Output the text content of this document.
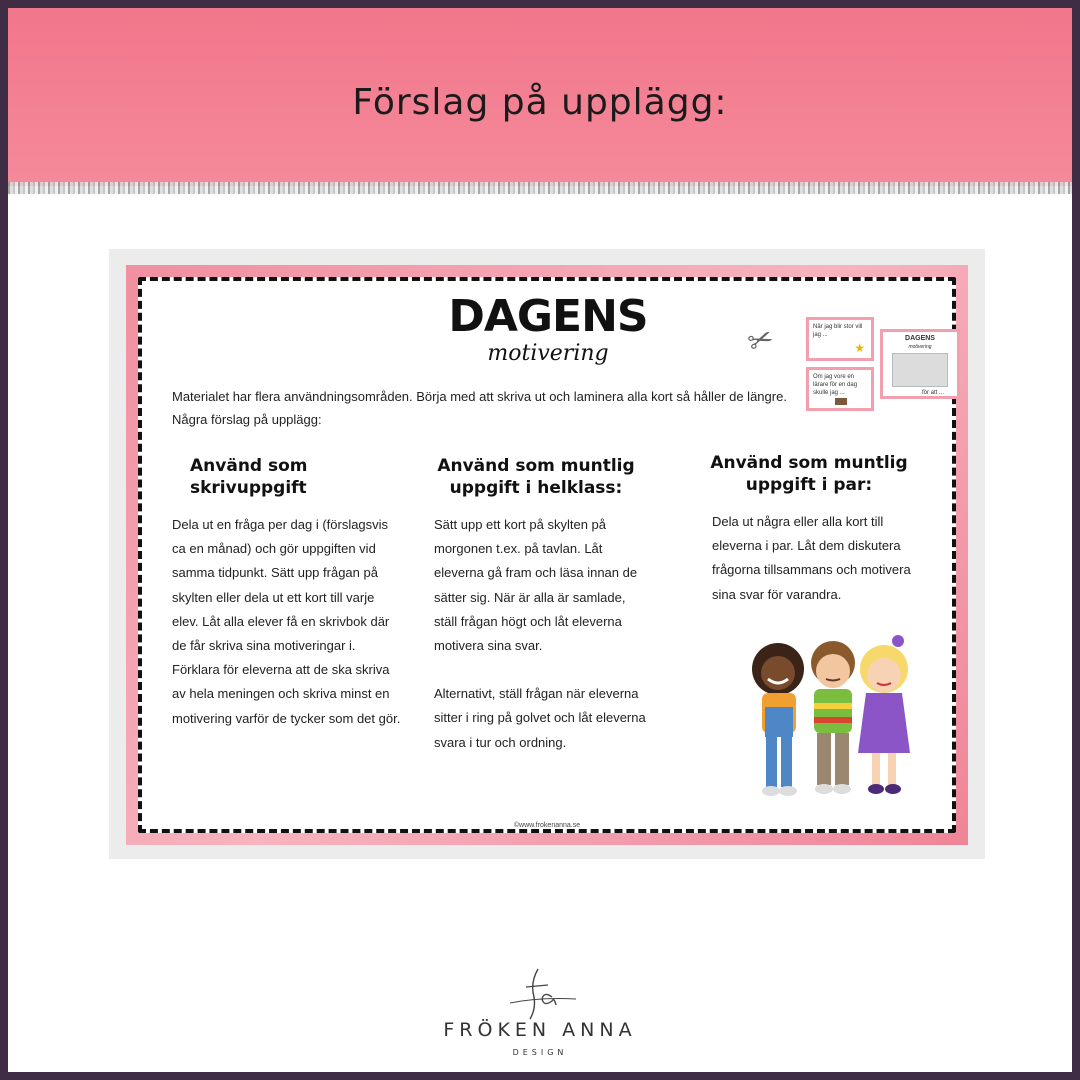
Förslag på upplägg:
DAGENS
motivering	✂	När jag blir stor vill jag ...
★
Om jag vore en lärare för en dag skulle jag ...
DAGENS
motivering
för att ...
Materialet har flera användningsområden. Börja med att skriva ut och laminera alla kort så håller de längre. Några förslag på upplägg:
Använd som skrivuppgift
Dela ut en fråga per dag i (förslagsvis ca en månad) och gör uppgiften vid samma tidpunkt. Sätt upp frågan på skylten eller dela ut ett kort till varje elev. Låt alla elever få en skrivbok där de får skriva sina motiveringar i. Förklara för eleverna att de ska skriva av hela meningen och skriva minst en motivering varför de tycker som det gör.
Använd som muntlig uppgift i helklass:
Sätt upp ett kort på skylten på morgonen t.ex. på tavlan. Låt eleverna gå fram och läsa innan de sätter sig. När är alla är samlade, ställ frågan högt och låt eleverna motivera sina svar.
Alternativt, ställ frågan när eleverna sitter i ring på golvet och låt eleverna svara i tur och ordning.
Använd som muntlig uppgift i par:
Dela ut några eller alla kort till eleverna i par. Låt dem diskutera frågorna tillsammans och motivera sina svar för varandra.
©www.frokenanna.se
FRÖKEN ANNA
DESIGN
